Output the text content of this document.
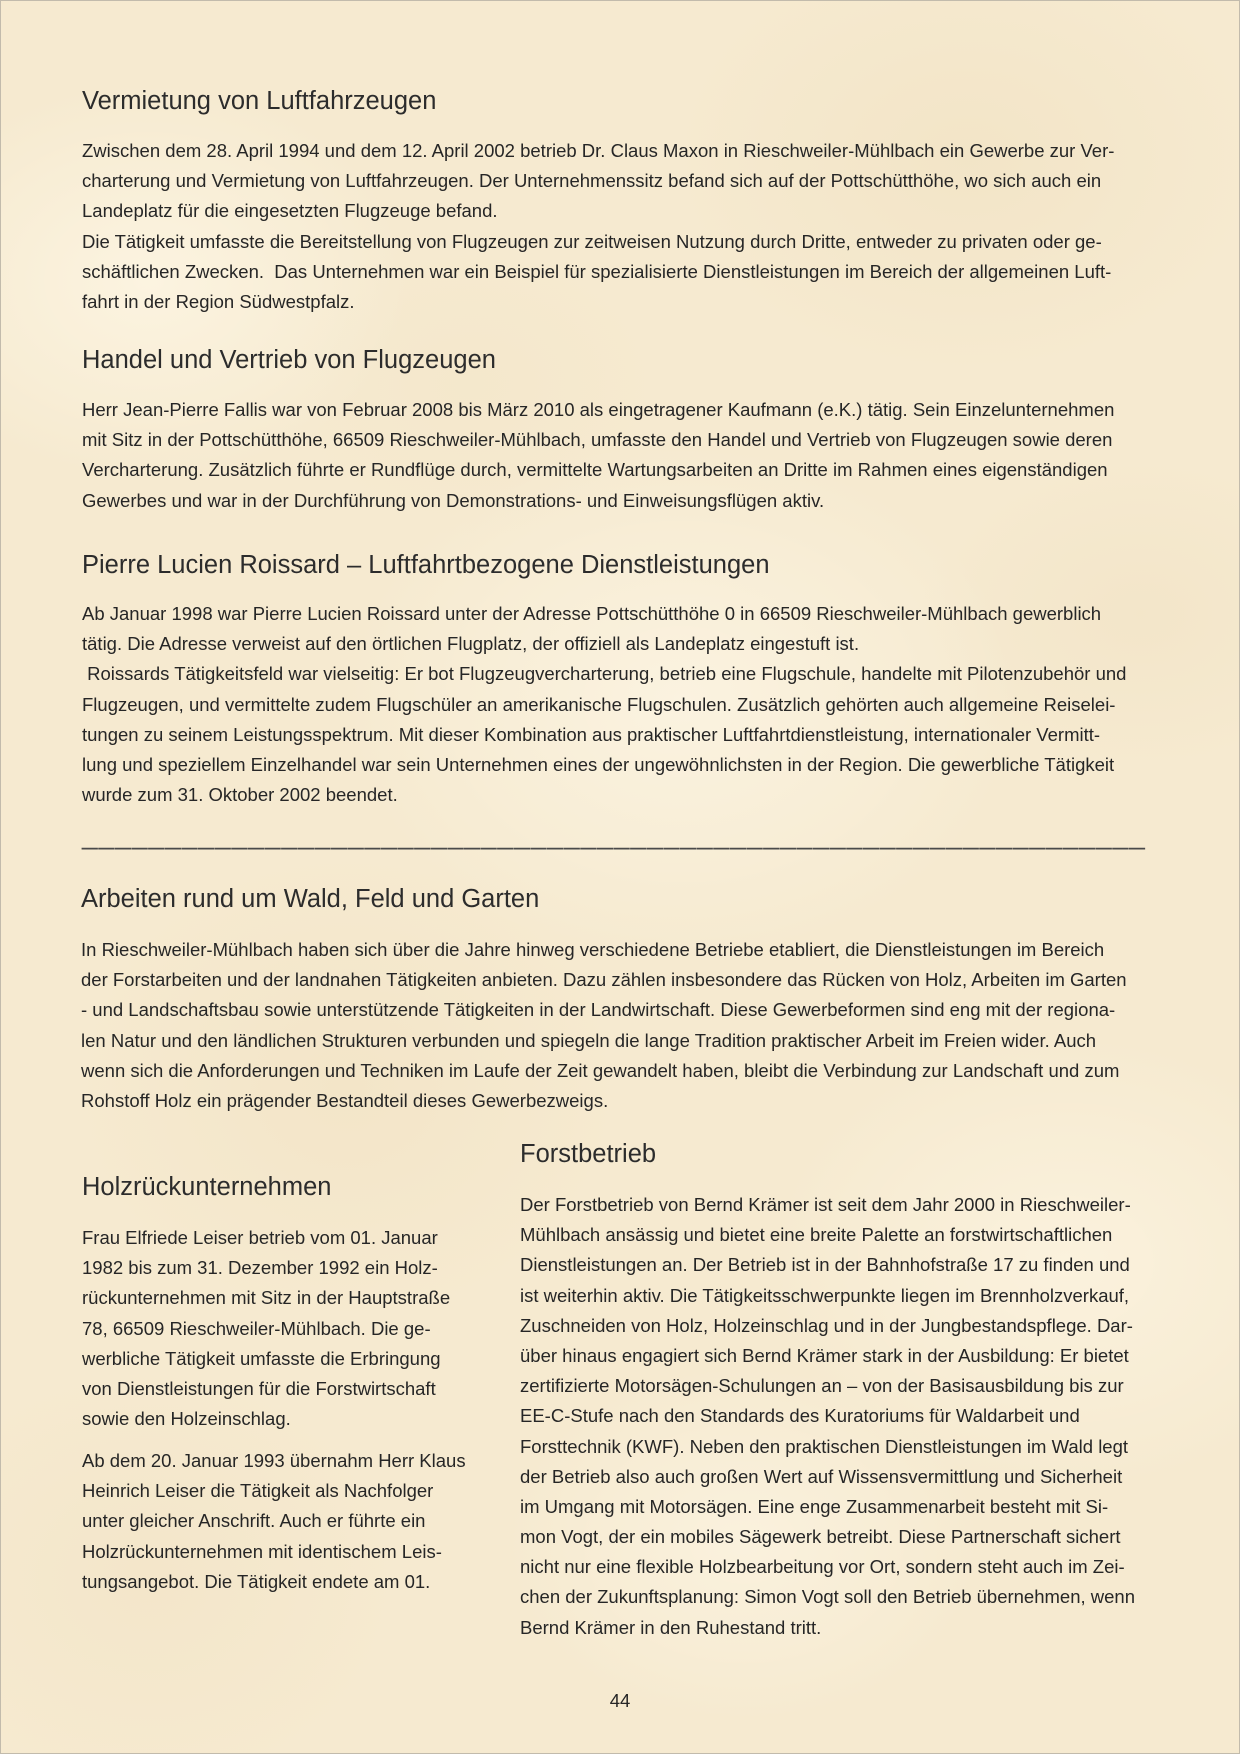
Vermietung von Luftfahrzeugen
Zwischen dem 28. April 1994 und dem 12. April 2002 betrieb Dr. Claus Maxon in Rieschweiler-Mühlbach ein Gewerbe zur Ver-
charterung und Vermietung von Luftfahrzeugen. Der Unternehmenssitz befand sich auf der Pottschütthöhe, wo sich auch ein
Landeplatz für die eingesetzten Flugzeuge befand.
Die Tätigkeit umfasste die Bereitstellung von Flugzeugen zur zeitweisen Nutzung durch Dritte, entweder zu privaten oder ge-
schäftlichen Zwecken.  Das Unternehmen war ein Beispiel für spezialisierte Dienstleistungen im Bereich der allgemeinen Luft-
fahrt in der Region Südwestpfalz.
Handel und Vertrieb von Flugzeugen
Herr Jean-Pierre Fallis war von Februar 2008 bis März 2010 als eingetragener Kaufmann (e.K.) tätig. Sein Einzelunternehmen
mit Sitz in der Pottschütthöhe, 66509 Rieschweiler-Mühlbach, umfasste den Handel und Vertrieb von Flugzeugen sowie deren
Vercharterung. Zusätzlich führte er Rundflüge durch, vermittelte Wartungsarbeiten an Dritte im Rahmen eines eigenständigen
Gewerbes und war in der Durchführung von Demonstrations- und Einweisungsflügen aktiv.
Pierre Lucien Roissard – Luftfahrtbezogene Dienstleistungen
Ab Januar 1998 war Pierre Lucien Roissard unter der Adresse Pottschütthöhe 0 in 66509 Rieschweiler-Mühlbach gewerblich
tätig. Die Adresse verweist auf den örtlichen Flugplatz, der offiziell als Landeplatz eingestuft ist.
Roissards Tätigkeitsfeld war vielseitig: Er bot Flugzeugvercharterung, betrieb eine Flugschule, handelte mit Pilotenzubehör und
Flugzeugen, und vermittelte zudem Flugschüler an amerikanische Flugschulen. Zusätzlich gehörten auch allgemeine Reiselei-
tungen zu seinem Leistungsspektrum. Mit dieser Kombination aus praktischer Luftfahrtdienstleistung, internationaler Vermitt-
lung und speziellem Einzelhandel war sein Unternehmen eines der ungewöhnlichsten in der Region. Die gewerbliche Tätigkeit
wurde zum 31. Oktober 2002 beendet.
________________________________________________________________
Arbeiten rund um Wald, Feld und Garten
In Rieschweiler-Mühlbach haben sich über die Jahre hinweg verschiedene Betriebe etabliert, die Dienstleistungen im Bereich
der Forstarbeiten und der landnahen Tätigkeiten anbieten. Dazu zählen insbesondere das Rücken von Holz, Arbeiten im Garten
- und Landschaftsbau sowie unterstützende Tätigkeiten in der Landwirtschaft. Diese Gewerbeformen sind eng mit der regiona-
len Natur und den ländlichen Strukturen verbunden und spiegeln die lange Tradition praktischer Arbeit im Freien wider. Auch
wenn sich die Anforderungen und Techniken im Laufe der Zeit gewandelt haben, bleibt die Verbindung zur Landschaft und zum
Rohstoff Holz ein prägender Bestandteil dieses Gewerbezweigs.
Forstbetrieb
Der Forstbetrieb von Bernd Krämer ist seit dem Jahr 2000 in Rieschweiler-
Mühlbach ansässig und bietet eine breite Palette an forstwirtschaftlichen
Dienstleistungen an. Der Betrieb ist in der Bahnhofstraße 17 zu finden und
ist weiterhin aktiv. Die Tätigkeitsschwerpunkte liegen im Brennholzverkauf,
Zuschneiden von Holz, Holzeinschlag und in der Jungbestandspflege. Dar-
über hinaus engagiert sich Bernd Krämer stark in der Ausbildung: Er bietet
zertifizierte Motorsägen-Schulungen an – von der Basisausbildung bis zur
EE-C-Stufe nach den Standards des Kuratoriums für Waldarbeit und
Forsttechnik (KWF). Neben den praktischen Dienstleistungen im Wald legt
der Betrieb also auch großen Wert auf Wissensvermittlung und Sicherheit
im Umgang mit Motorsägen. Eine enge Zusammenarbeit besteht mit Si-
mon Vogt, der ein mobiles Sägewerk betreibt. Diese Partnerschaft sichert
nicht nur eine flexible Holzbearbeitung vor Ort, sondern steht auch im Zei-
chen der Zukunftsplanung: Simon Vogt soll den Betrieb übernehmen, wenn
Bernd Krämer in den Ruhestand tritt.
Holzrückunternehmen
Frau Elfriede Leiser betrieb vom 01. Januar
1982 bis zum 31. Dezember 1992 ein Holz-
rückunternehmen mit Sitz in der Hauptstraße
78, 66509 Rieschweiler-Mühlbach. Die ge-
werbliche Tätigkeit umfasste die Erbringung
von Dienstleistungen für die Forstwirtschaft
sowie den Holzeinschlag.
Ab dem 20. Januar 1993 übernahm Herr Klaus
Heinrich Leiser die Tätigkeit als Nachfolger
unter gleicher Anschrift. Auch er führte ein
Holzrückunternehmen mit identischem Leis-
tungsangebot. Die Tätigkeit endete am 01.
44
